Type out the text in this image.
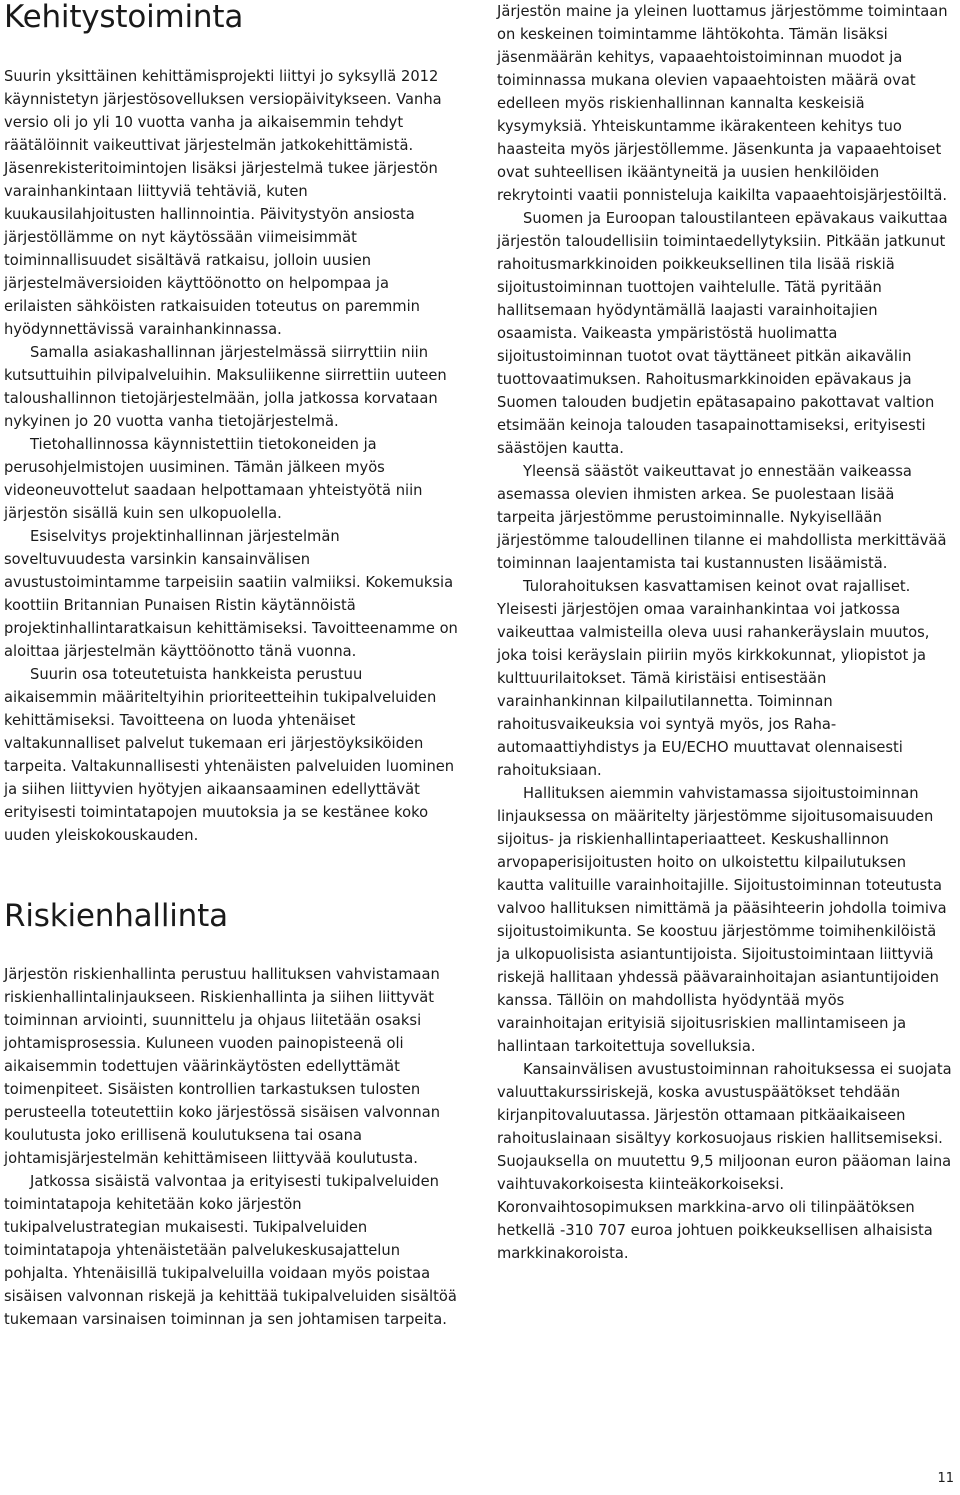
Kehitystoiminta

Suurin yksittäinen kehittämisprojekti liittyi jo syksyllä 2012 käynnistetyn järjestösovelluksen versiopäivitykseen. Vanha versio oli jo yli 10 vuotta vanha ja aikaisemmin tehdyt räätälöinnit vaikeuttivat järjestelmän jatkokehittämistä.

Jäsenrekisteritoimintojen lisäksi järjestelmä tukee järjestön varainhankintaan liittyviä tehtäviä, kuten kuukausilahjoitusten hallinnointia. Päivitystyön ansiosta järjestöllämme on nyt käytössään viimeisimmät toiminnallisuudet sisältävä ratkaisu, jolloin uusien järjestelmäversioiden käyttöönotto on helpompaa ja erilaisten sähköisten ratkaisuiden toteutus on paremmin hyödynnettävissä varainhankinnassa.

Samalla asiakashallinnan järjestelmässä siirryttiin niin kutsuttuihin pilvipalveluihin. Maksuliikenne siirrettiin uuteen taloushallinnon tietojärjestelmään, jolla jatkossa korvataan nykyinen jo 20 vuotta vanha tietojärjestelmä.

Tietohallinnossa käynnistettiin tietokoneiden ja perusohjelmistojen uusiminen. Tämän jälkeen myös videoneuvottelut saadaan helpottamaan yhteistyötä niin järjestön sisällä kuin sen ulkopuolella.

Esiselvitys projektinhallinnan järjestelmän soveltuvuudesta varsinkin kansainvälisen avustustoimintamme tarpeisiin saatiin valmiiksi. Kokemuksia koottiin Britannian Punaisen Ristin käytännöistä projektinhallintaratkaisun kehittämiseksi. Tavoitteenamme on aloittaa järjestelmän käyttöönotto tänä vuonna.

Suurin osa toteutetuista hankkeista perustuu aikaisemmin määriteltyihin prioriteetteihin tukipalveluiden kehittämiseksi. Tavoitteena on luoda yhtenäiset valtakunnalliset palvelut tukemaan eri järjestöyksiköiden tarpeita. Valtakunnallisesti yhtenäisten palveluiden luominen ja siihen liittyvien hyötyjen aikaansaaminen edellyttävät erityisesti toimintatapojen muutoksia ja se kestänee koko uuden yleiskokouskauden.

Riskienhallinta

Järjestön riskienhallinta perustuu hallituksen vahvistamaan riskienhallintalinjaukseen. Riskienhallinta ja siihen liittyvät toiminnan arviointi, suunnittelu ja ohjaus liitetään osaksi johtamisprosessia. Kuluneen vuoden painopisteenä oli aikaisemmin todettujen väärinkäytösten edellyttämät toimenpiteet. Sisäisten kontrollien tarkastuksen tulosten perusteella toteutettiin koko järjestössä sisäisen valvonnan koulutusta joko erillisenä koulutuksena tai osana johtamisjärjestelmän kehittämiseen liittyvää koulutusta.

Jatkossa sisäistä valvontaa ja erityisesti tukipalveluiden toimintatapoja kehitetään koko järjestön tukipalvelustrategian mukaisesti. Tukipalveluiden toimintatapoja yhtenäistetään palvelukeskusajattelun pohjalta. Yhtenäisillä tukipalveluilla voidaan myös poistaa sisäisen valvonnan riskejä ja kehittää tukipalveluiden sisältöä tukemaan varsinaisen toiminnan ja sen johtamisen tarpeita.

Järjestön maine ja yleinen luottamus järjestömme toimintaan on keskeinen toimintamme lähtökohta. Tämän lisäksi jäsenmäärän kehitys, vapaaehtoistoiminnan muodot ja toiminnassa mukana olevien vapaaehtoisten määrä ovat edelleen myös riskienhallinnan kannalta keskeisiä kysymyksiä. Yhteiskuntamme ikärakenteen kehitys tuo haasteita myös järjestöllemme. Jäsenkunta ja vapaaehtoiset ovat suhteellisen ikääntyneitä ja uusien henkilöiden rekrytointi vaatii ponnisteluja kaikilta vapaaehtoisjärjestöiltä.

Suomen ja Euroopan taloustilanteen epävakaus vaikuttaa järjestön taloudellisiin toimintaedellytyksiin. Pitkään jatkunut rahoitusmarkkinoiden poikkeuksellinen tila lisää riskiä sijoitustoiminnan tuottojen vaihtelulle. Tätä pyritään hallitsemaan hyödyntämällä laajasti varainhoitajien osaamista. Vaikeasta ympäristöstä huolimatta sijoitustoiminnan tuotot ovat täyttäneet pitkän aikavälin tuottovaatimuksen. Rahoitusmarkkinoiden epävakaus ja Suomen talouden budjetin epätasapaino pakottavat valtion etsimään keinoja talouden tasapainottamiseksi, erityisesti säästöjen kautta.

Yleensä säästöt vaikeuttavat jo ennestään vaikeassa asemassa olevien ihmisten arkea. Se puolestaan lisää tarpeita järjestömme perustoiminnalle. Nykyisellään järjestömme taloudellinen tilanne ei mahdollista merkittävää toiminnan laajentamista tai kustannusten lisäämistä.

Tulorahoituksen kasvattamisen keinot ovat rajalliset. Yleisesti järjestöjen omaa varainhankintaa voi jatkossa vaikeuttaa valmisteilla oleva uusi rahankeräyslain muutos, joka toisi keräyslain piiriin myös kirkkokunnat, yliopistot ja kulttuurilaitokset. Tämä kiristäisi entisestään varainhankinnan kilpailutilannetta. Toiminnan rahoitusvaikeuksia voi syntyä myös, jos Raha-automaattiyhdistys ja EU/ECHO muuttavat olennaisesti rahoituksiaan.

Hallituksen aiemmin vahvistamassa sijoitustoiminnan linjauksessa on määritelty järjestömme sijoitusomaisuuden sijoitus- ja riskienhallintaperiaatteet. Keskushallinnon arvopaperisijoitusten hoito on ulkoistettu kilpailutuksen kautta valituille varainhoitajille. Sijoitustoiminnan toteutusta valvoo hallituksen nimittämä ja pääsihteerin johdolla toimiva sijoitustoimikunta. Se koostuu järjestömme toimihenkilöistä ja ulkopuolisista asiantuntijoista. Sijoitustoimintaan liittyviä riskejä hallitaan yhdessä päävarainhoitajan asiantuntijoiden kanssa. Tällöin on mahdollista hyödyntää myös varainhoitajan erityisiä sijoitusriskien mallintamiseen ja hallintaan tarkoitettuja sovelluksia.

Kansainvälisen avustustoiminnan rahoituksessa ei suojata valuuttakurssiriskejä, koska avustuspäätökset tehdään kirjanpitovaluutassa. Järjestön ottamaan pitkäaikaiseen rahoituslainaan sisältyy korkosuojaus riskien hallitsemiseksi. Suojauksella on muutettu 9,5 miljoonan euron pääoman laina vaihtuvakorkoisesta kiinteäkorkoiseksi. Koronvaihtosopimuksen markkina-arvo oli tilinpäätöksen hetkellä -310 707 euroa johtuen poikkeuksellisen alhaisista markkinakoroista.

11
